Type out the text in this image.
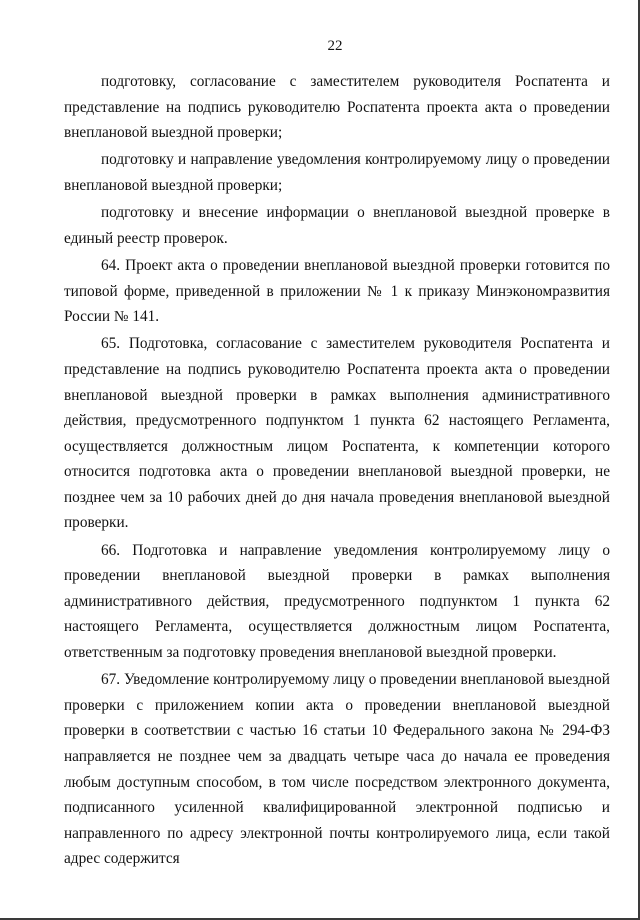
22

подготовку, согласование с заместителем руководителя Роспатента и представление на подпись руководителю Роспатента проекта акта о проведении внеплановой выездной проверки;

подготовку и направление уведомления контролируемому лицу о проведении внеплановой выездной проверки;

подготовку и внесение информации о внеплановой выездной проверке в единый реестр проверок.

64. Проект акта о проведении внеплановой выездной проверки готовится по типовой форме, приведенной в приложении № 1 к приказу Минэкономразвития России № 141.

65. Подготовка, согласование с заместителем руководителя Роспатента и представление на подпись руководителю Роспатента проекта акта о проведении внеплановой выездной проверки в рамках выполнения административного действия, предусмотренного подпунктом 1 пункта 62 настоящего Регламента, осуществляется должностным лицом Роспатента, к компетенции которого относится подготовка акта о проведении внеплановой выездной проверки, не позднее чем за 10 рабочих дней до дня начала проведения внеплановой выездной проверки.

66. Подготовка и направление уведомления контролируемому лицу о проведении внеплановой выездной проверки в рамках выполнения административного действия, предусмотренного подпунктом 1 пункта 62 настоящего Регламента, осуществляется должностным лицом Роспатента, ответственным за подготовку проведения внеплановой выездной проверки.

67. Уведомление контролируемому лицу о проведении внеплановой выездной проверки с приложением копии акта о проведении внеплановой выездной проверки в соответствии с частью 16 статьи 10 Федерального закона № 294-ФЗ направляется не позднее чем за двадцать четыре часа до начала ее проведения любым доступным способом, в том числе посредством электронного документа, подписанного усиленной квалифицированной электронной подписью и направленного по адресу электронной почты контролируемого лица, если такой адрес содержится
